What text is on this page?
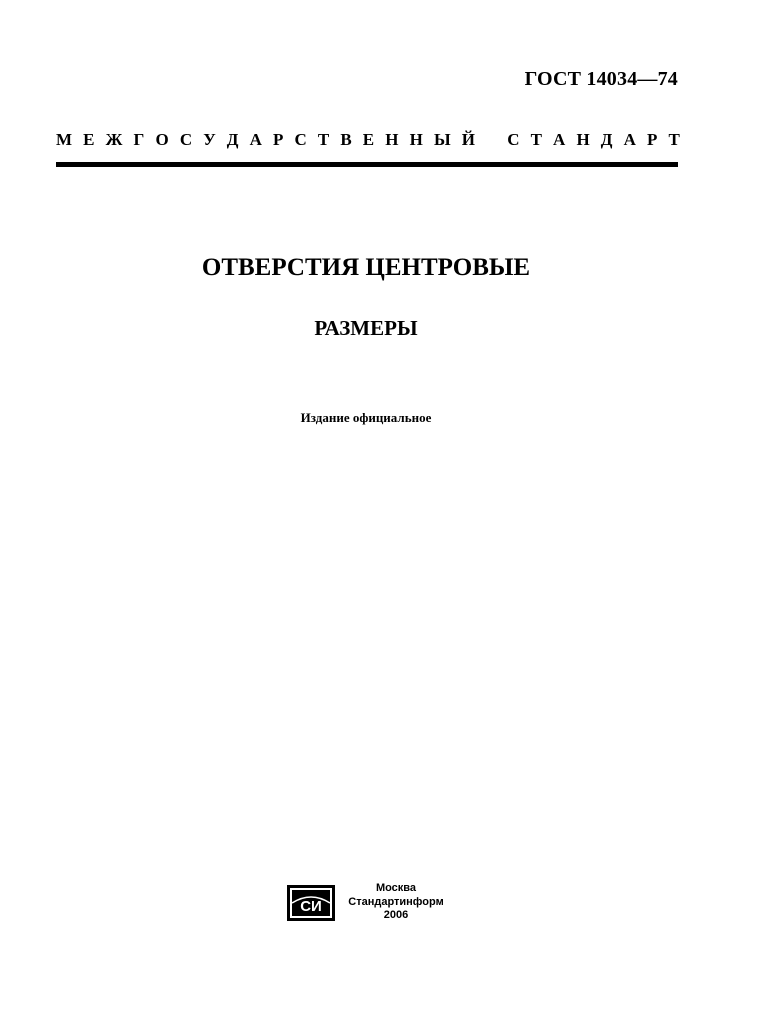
ГОСТ 14034—74
М Е Ж Г О С У Д А Р С Т В Е Н Н Ы Й С Т А Н Д А Р Т
ОТВЕРСТИЯ ЦЕНТРОВЫЕ
РАЗМЕРЫ
Издание официальное
СИ
Москва
Стандартинформ
2006
